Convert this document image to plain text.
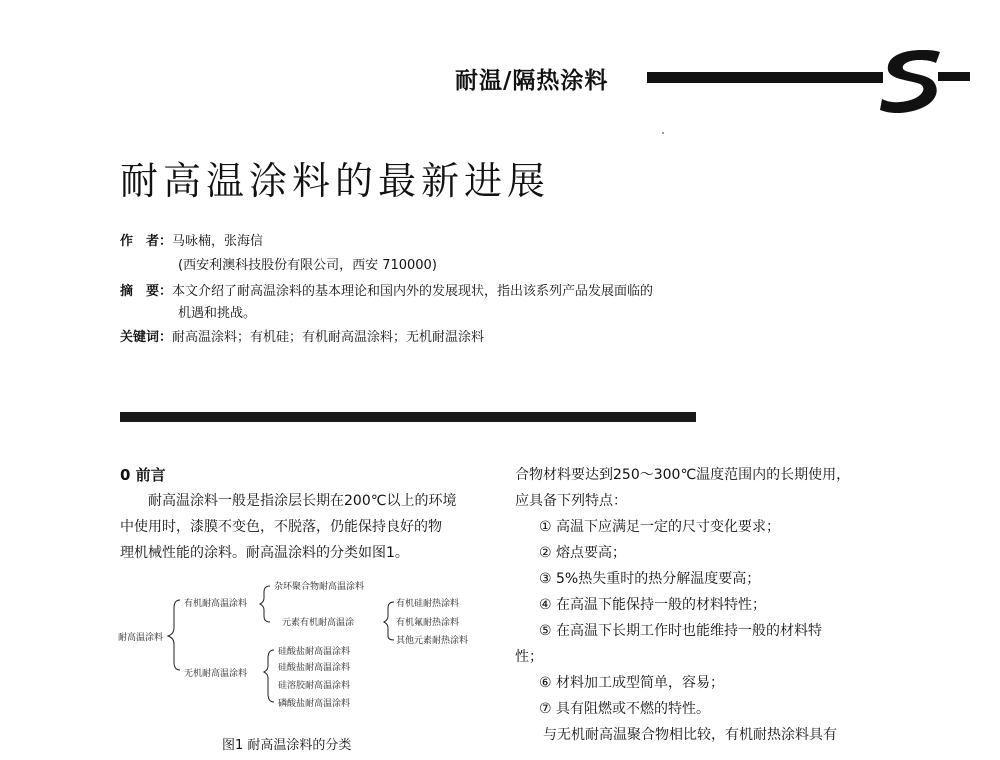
耐温/隔热涂料
耐高温涂料的最新进展
作　者：马咏楠，张海信
(西安利澳科技股份有限公司，西安 710000)
摘　要：本文介绍了耐高温涂料的基本理论和国内外的发展现状，指出该系列产品发展面临的
机遇和挑战。
关键词：耐高温涂料；有机硅；有机耐高温涂料；无机耐温涂料
0 前言
耐高温涂料一般是指涂层长期在200℃以上的环境
中使用时，漆膜不变色，不脱落，仍能保持良好的物
理机械性能的涂料。耐高温涂料的分类如图1。
耐高温涂料
有机耐高温涂料
无机耐高温涂料
杂环聚合物耐高温涂料
元素有机耐高温涂
有机硅耐热涂料
有机氟耐热涂料
其他元素耐热涂料
硅酸盐耐高温涂料
硅酸盐耐高温涂料
硅溶胶耐高温涂料
磷酸盐耐高温涂料
图1 耐高温涂料的分类
合物材料要达到250～300℃温度范围内的长期使用，
应具备下列特点：
① 高温下应满足一定的尺寸变化要求；
② 熔点要高；
③ 5%热失重时的热分解温度要高；
④ 在高温下能保持一般的材料特性；
⑤ 在高温下长期工作时也能维持一般的材料特
性；
⑥ 材料加工成型简单，容易；
⑦ 具有阻燃或不燃的特性。
与无机耐高温聚合物相比较，有机耐热涂料具有
